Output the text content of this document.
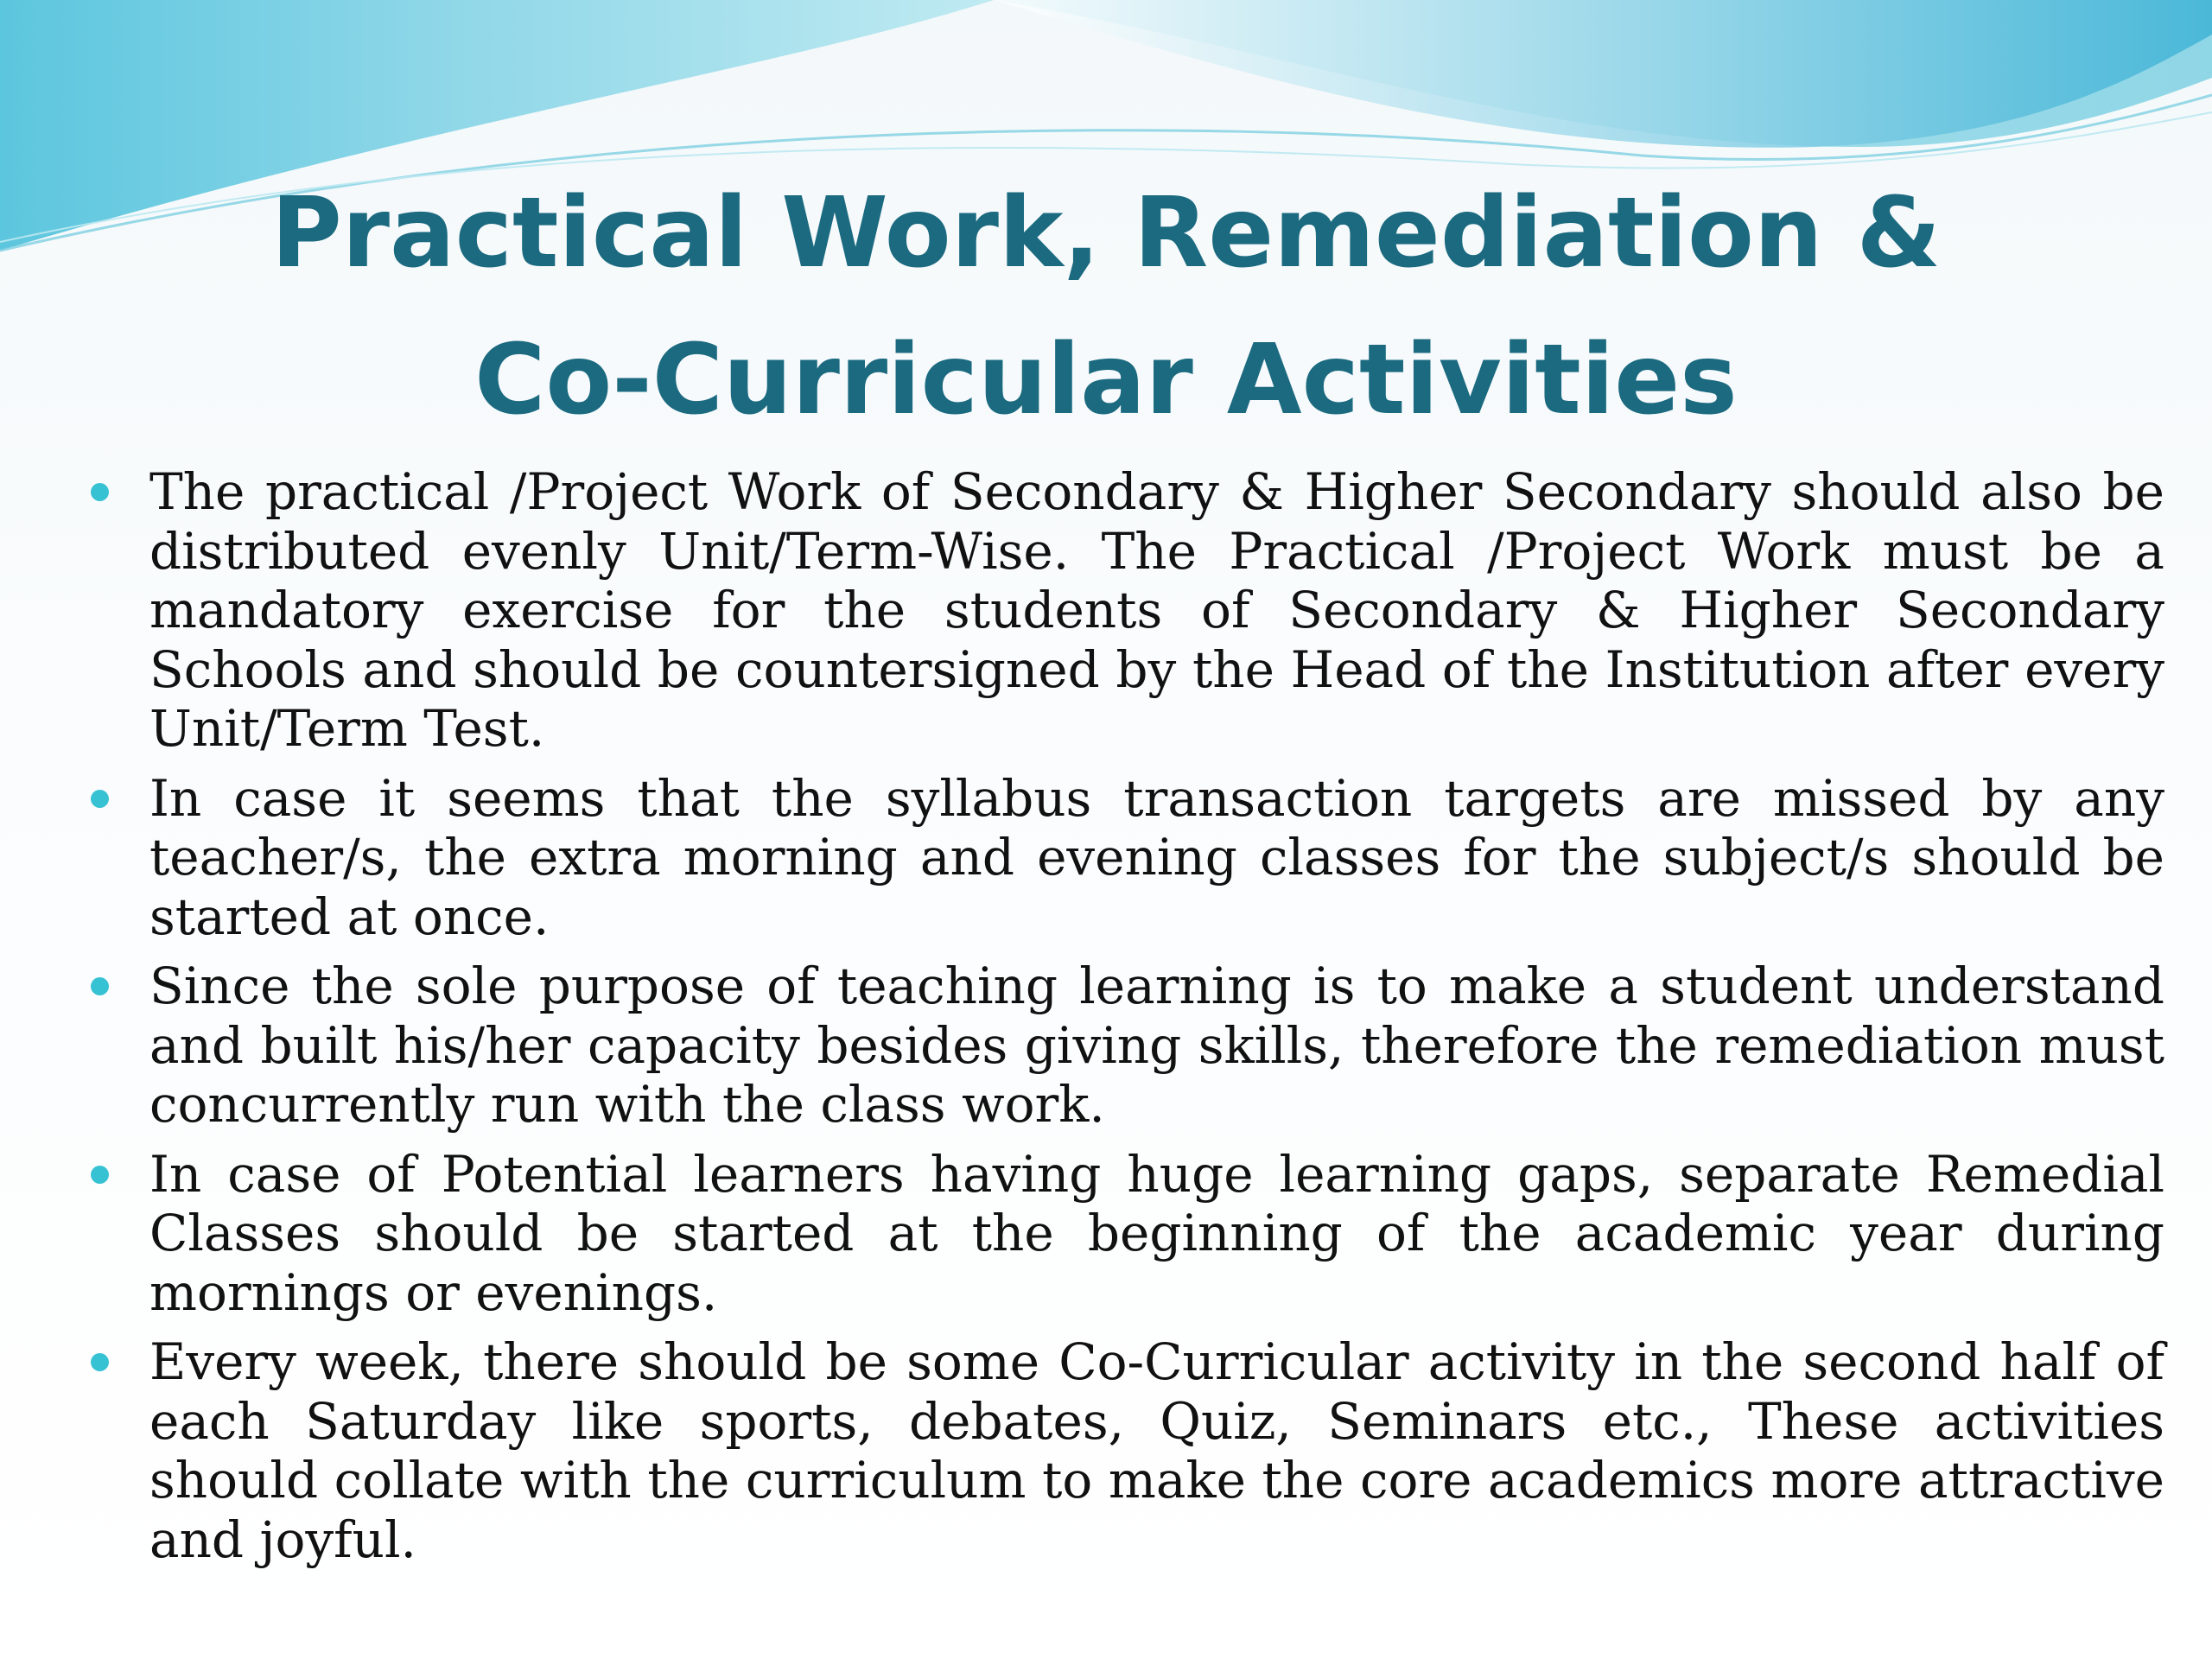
Practical Work, Remediation &
Co-Curricular Activities
The practical /Project Work of Secondary & Higher Secondary should also be distributed evenly Unit/Term-Wise. The Practical /Project Work must be a mandatory exercise for the students of Secondary & Higher Secondary Schools and should be countersigned by the Head of the Institution after every Unit/Term Test.
In case it seems that the syllabus transaction targets are missed by any teacher/s, the extra morning and evening classes for the subject/s should be started at once.
Since the sole purpose of teaching learning is to make a student understand and built his/her capacity besides giving skills, therefore the remediation must concurrently run with the class work.
In case of Potential learners having huge learning gaps, separate Remedial Classes should be started at the beginning of the academic year during mornings or evenings.
Every week, there should be some Co-Curricular activity in the second half of each Saturday like sports, debates, Quiz, Seminars etc., These activities should collate with the curriculum to make the core academics more attractive and joyful.
